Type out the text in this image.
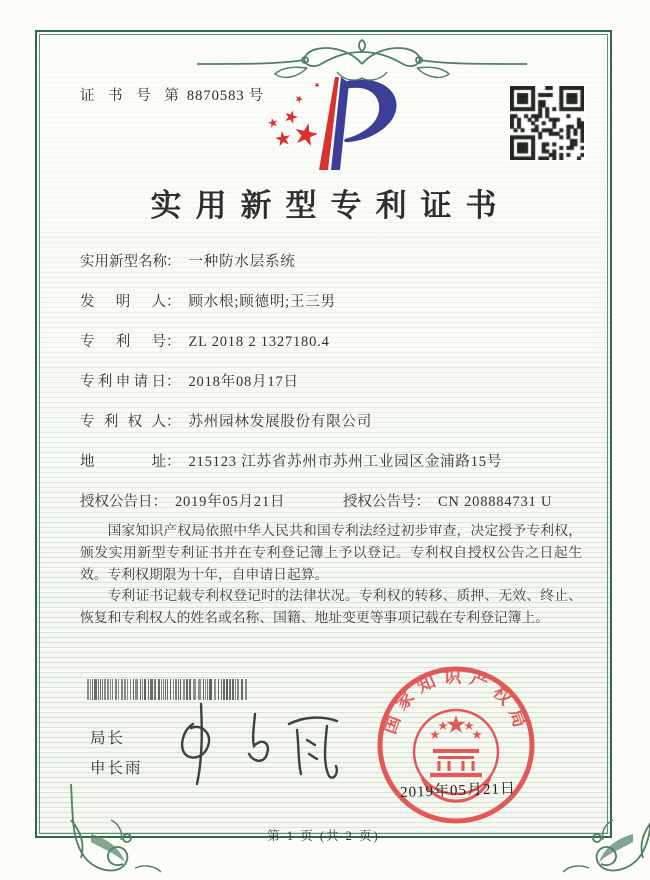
证 书 号 第 8870583 号
实用新型专利证书
实用新型名称： 一种防水层系统
发明人： 顾水根;顾德明;王三男
专利号： ZL 2018 2 1327180.4
专利申请日： 2018年08月17日
专利权人： 苏州园林发展股份有限公司
地址： 215123 江苏省苏州市苏州工业园区金浦路15号
授权公告日： 2019年05月21日	授权公告号： CN 208884731 U

国家知识产权局依照中华人民共和国专利法经过初步审查，决定授予专利权，颁发实用新型专利证书并在专利登记簿上予以登记。专利权自授权公告之日起生效。专利权期限为十年，自申请日起算。

专利证书记载专利权登记时的法律状况。专利权的转移、质押、无效、终止、恢复和专利权人的姓名或名称、国籍、地址变更等事项记载在专利登记簿上。

局长
申长雨
国家知识产权局
2019年05月21日
第 1 页 (共 2 页)
